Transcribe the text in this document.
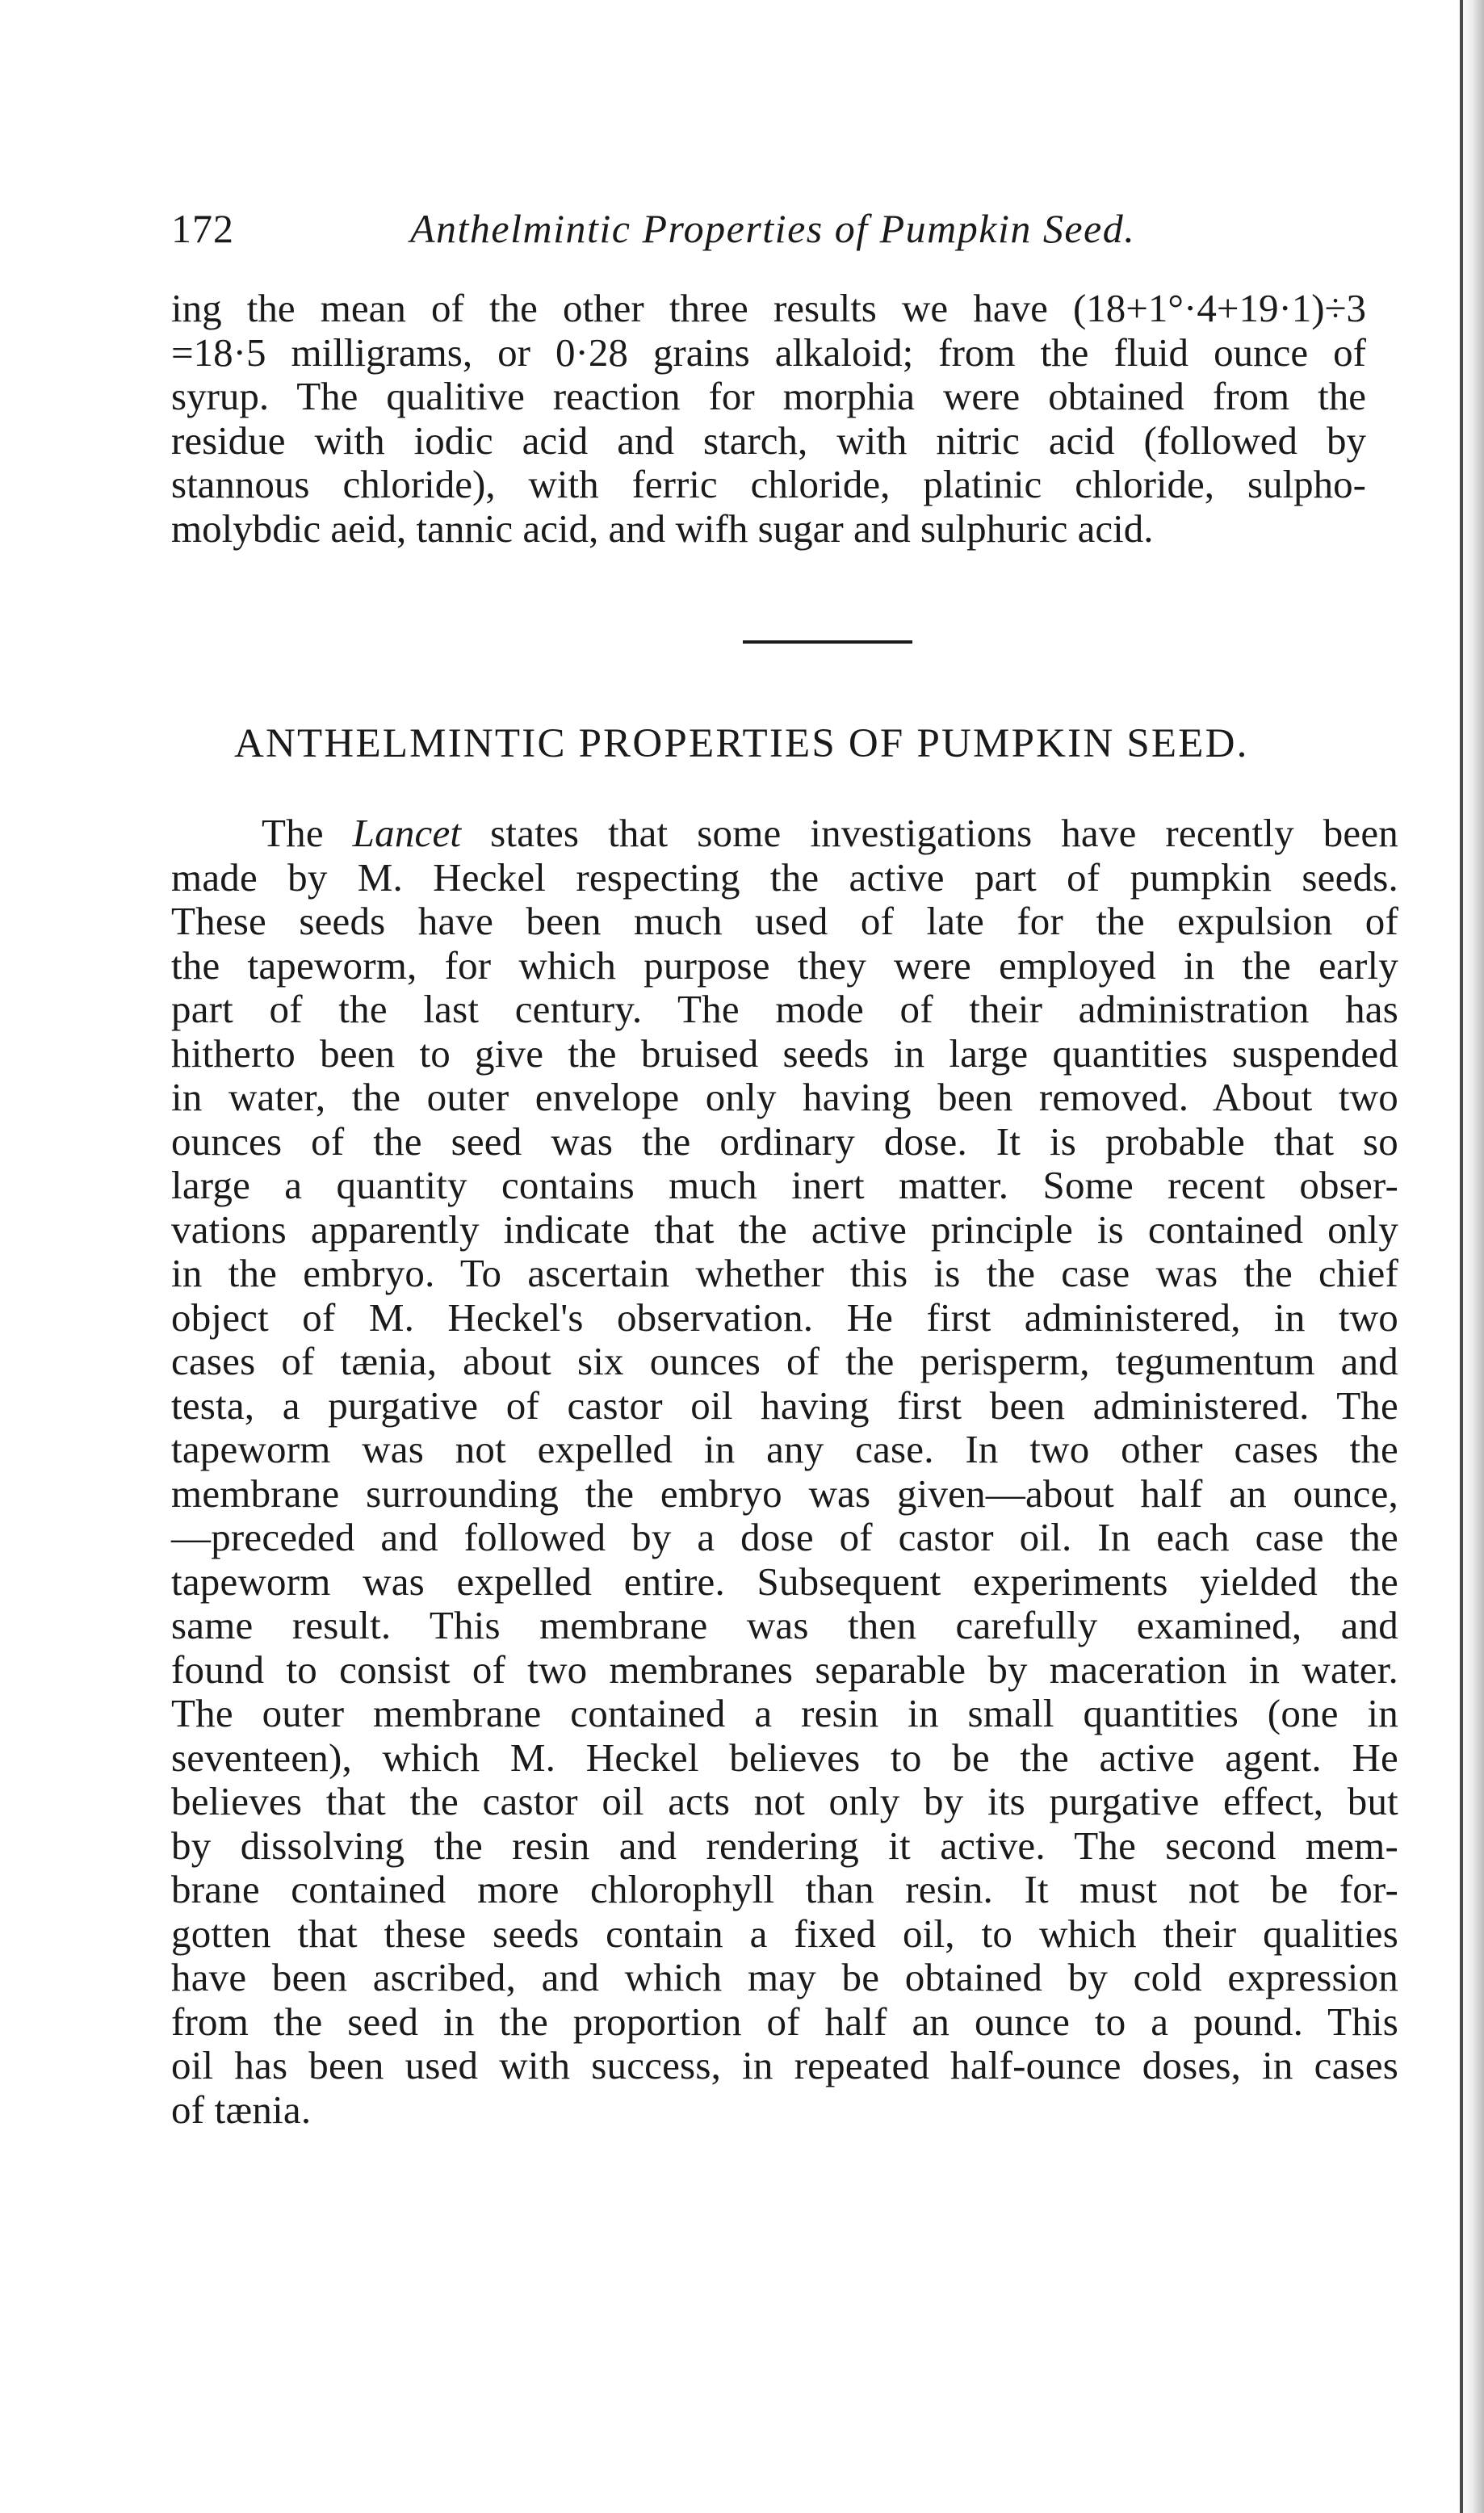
172	Anthelmintic Properties of Pumpkin Seed.
ing the mean of the other three results we have (18+1°·4+19·1)÷3
=18·5 milligrams, or 0·28 grains alkaloid; from the fluid ounce of
syrup. The qualitive reaction for morphia were obtained from the
residue with iodic acid and starch, with nitric acid (followed by
stannous chloride), with ferric chloride, platinic chloride, sulpho-
molybdic aeid, tannic acid, and wifh sugar and sulphuric acid.
ANTHELMINTIC PROPERTIES OF PUMPKIN SEED.
The Lancet states that some investigations have recently been
made by M. Heckel respecting the active part of pumpkin seeds.
These seeds have been much used of late for the expulsion of
the tapeworm, for which purpose they were employed in the early
part of the last century. The mode of their administration has
hitherto been to give the bruised seeds in large quantities suspended
in water, the outer envelope only having been removed. About two
ounces of the seed was the ordinary dose. It is probable that so
large a quantity contains much inert matter. Some recent obser-
vations apparently indicate that the active principle is contained only
in the embryo. To ascertain whether this is the case was the chief
object of M. Heckel's observation. He first administered, in two
cases of tænia, about six ounces of the perisperm, tegumentum and
testa, a purgative of castor oil having first been administered. The
tapeworm was not expelled in any case. In two other cases the
membrane surrounding the embryo was given—about half an ounce,
—preceded and followed by a dose of castor oil. In each case the
tapeworm was expelled entire. Subsequent experiments yielded the
same result. This membrane was then carefully examined, and
found to consist of two membranes separable by maceration in water.
The outer membrane contained a resin in small quantities (one in
seventeen), which M. Heckel believes to be the active agent. He
believes that the castor oil acts not only by its purgative effect, but
by dissolving the resin and rendering it active. The second mem-
brane contained more chlorophyll than resin. It must not be for-
gotten that these seeds contain a fixed oil, to which their qualities
have been ascribed, and which may be obtained by cold expression
from the seed in the proportion of half an ounce to a pound. This
oil has been used with success, in repeated half-ounce doses, in cases
of tænia.
